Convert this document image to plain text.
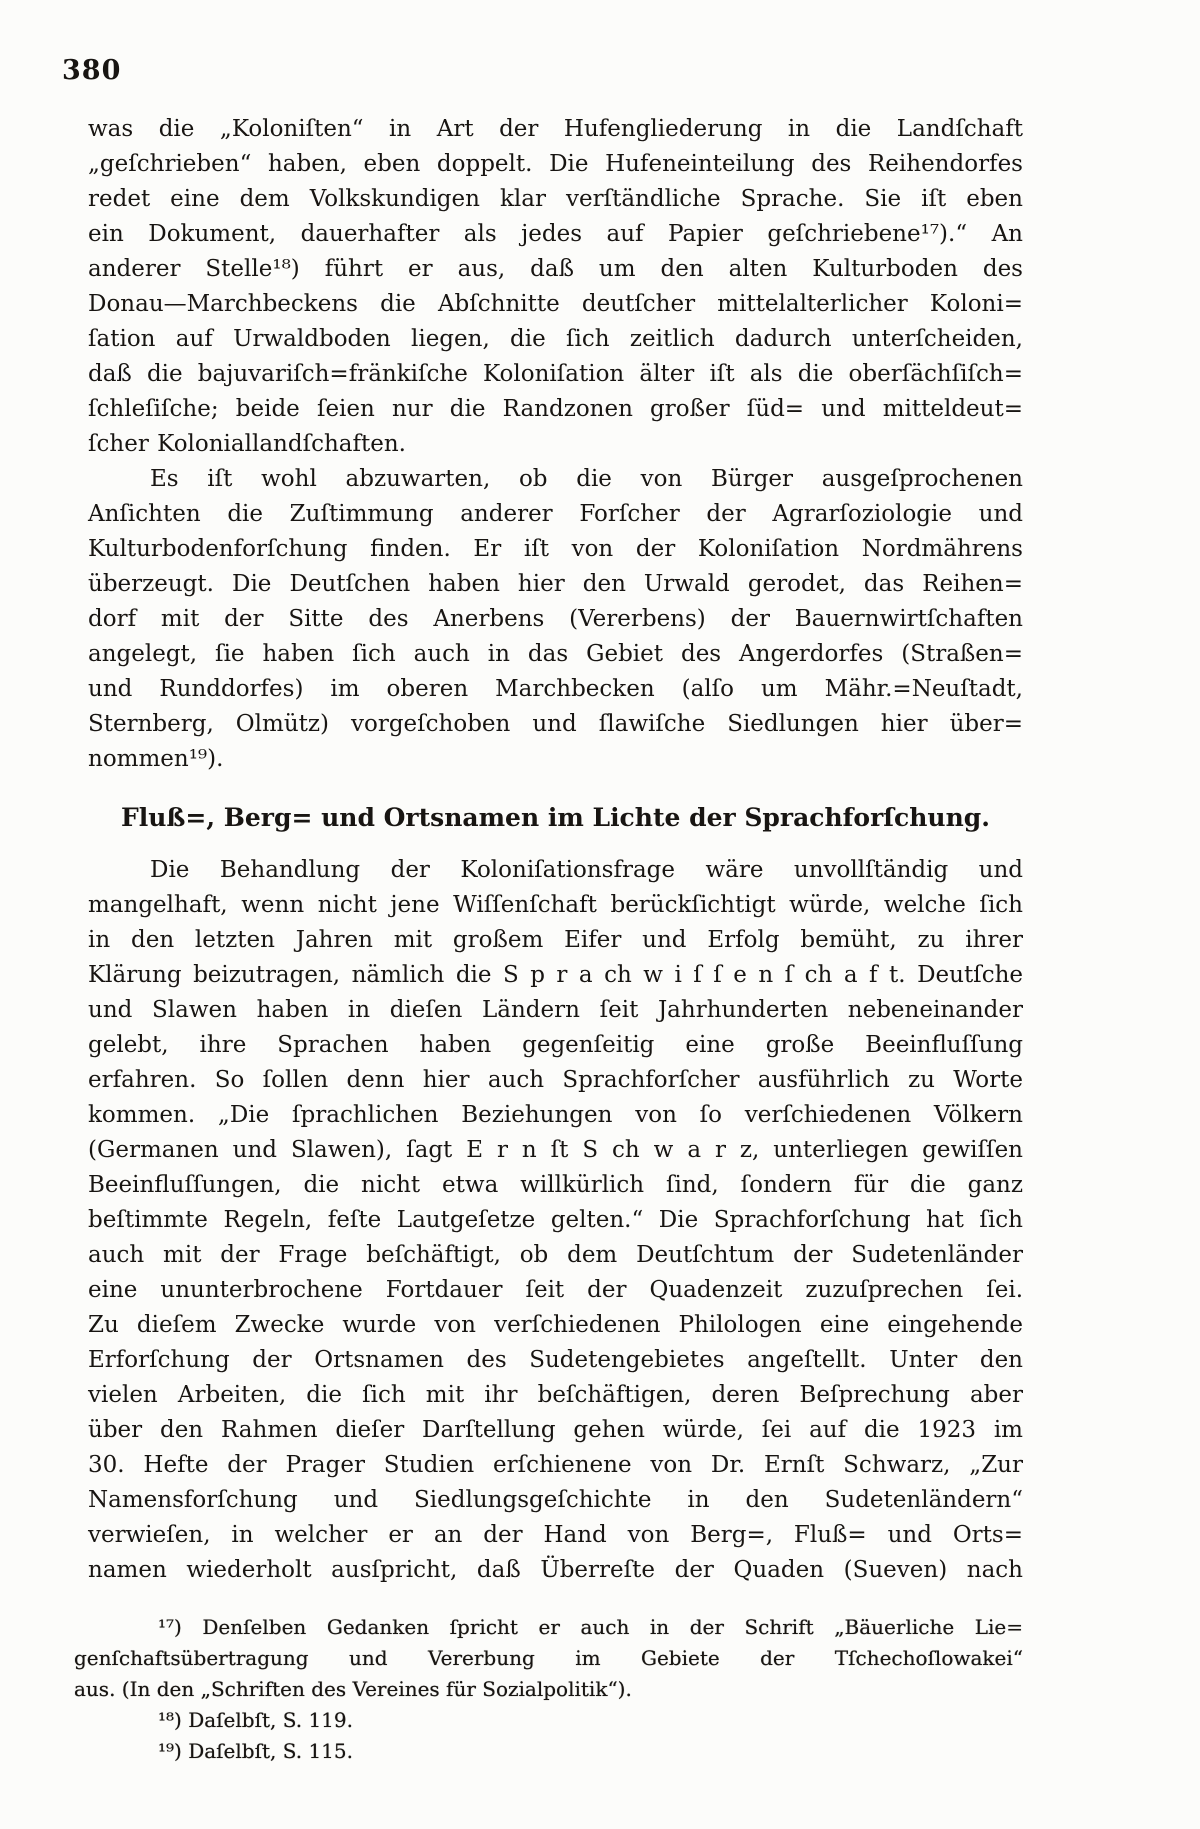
380
was die „Koloniſten“ in Art der Hufengliederung in die Landſchaft
„geſchrieben“ haben, eben doppelt. Die Hufeneinteilung des Reihendorfes
redet eine dem Volkskundigen klar verſtändliche Sprache. Sie iſt eben
ein Dokument, dauerhafter als jedes auf Papier geſchriebene¹⁷).“ An
anderer Stelle¹⁸) führt er aus, daß um den alten Kulturboden des
Donau—Marchbeckens die Abſchnitte deutſcher mittelalterlicher Koloni=
ſation auf Urwaldboden liegen, die ſich zeitlich dadurch unterſcheiden,
daß die bajuvariſch=fränkiſche Koloniſation älter iſt als die oberſächſiſch=
ſchleſiſche; beide ſeien nur die Randzonen großer ſüd= und mitteldeut=
ſcher Koloniallandſchaften.
Es iſt wohl abzuwarten, ob die von Bürger ausgeſprochenen
Anſichten die Zuſtimmung anderer Forſcher der Agrarſoziologie und
Kulturbodenforſchung finden. Er iſt von der Koloniſation Nordmährens
überzeugt. Die Deutſchen haben hier den Urwald gerodet, das Reihen=
dorf mit der Sitte des Anerbens (Vererbens) der Bauernwirtſchaften
angelegt, ſie haben ſich auch in das Gebiet des Angerdorfes (Straßen=
und Runddorfes) im oberen Marchbecken (alſo um Mähr.=Neuſtadt,
Sternberg, Olmütz) vorgeſchoben und ſlawiſche Siedlungen hier über=
nommen¹⁹).
Fluß=, Berg= und Ortsnamen im Lichte der Sprachforſchung.
Die Behandlung der Koloniſationsfrage wäre unvollſtändig und
mangelhaft, wenn nicht jene Wiſſenſchaft berückſichtigt würde, welche ſich
in den letzten Jahren mit großem Eifer und Erfolg bemüht, zu ihrer
Klärung beizutragen, nämlich die S p r a ch w i ſ ſ e n ſ ch a f t. Deutſche
und Slawen haben in dieſen Ländern ſeit Jahrhunderten nebeneinander
gelebt, ihre Sprachen haben gegenſeitig eine große Beeinfluſſung
erfahren. So ſollen denn hier auch Sprachforſcher ausführlich zu Worte
kommen. „Die ſprachlichen Beziehungen von ſo verſchiedenen Völkern
(Germanen und Slawen), ſagt E r n ſt S ch w a r z, unterliegen gewiſſen
Beeinfluſſungen, die nicht etwa willkürlich ſind, ſondern für die ganz
beſtimmte Regeln, feſte Lautgeſetze gelten.“ Die Sprachforſchung hat ſich
auch mit der Frage beſchäftigt, ob dem Deutſchtum der Sudetenländer
eine ununterbrochene Fortdauer ſeit der Quadenzeit zuzuſprechen ſei.
Zu dieſem Zwecke wurde von verſchiedenen Philologen eine eingehende
Erforſchung der Ortsnamen des Sudetengebietes angeſtellt. Unter den
vielen Arbeiten, die ſich mit ihr beſchäftigen, deren Beſprechung aber
über den Rahmen dieſer Darſtellung gehen würde, ſei auf die 1923 im
30. Hefte der Prager Studien erſchienene von Dr. Ernſt Schwarz, „Zur
Namensforſchung und Siedlungsgeſchichte in den Sudetenländern“
verwieſen, in welcher er an der Hand von Berg=, Fluß= und Orts=
namen wiederholt ausſpricht, daß Überreſte der Quaden (Sueven) nach
¹⁷) Denſelben Gedanken ſpricht er auch in der Schrift „Bäuerliche Lie=
genſchaftsübertragung und Vererbung im Gebiete der Tſchechoſlowakei“
aus. (In den „Schriften des Vereines für Sozialpolitik“).
¹⁸) Daſelbſt, S. 119.
¹⁹) Daſelbſt, S. 115.
